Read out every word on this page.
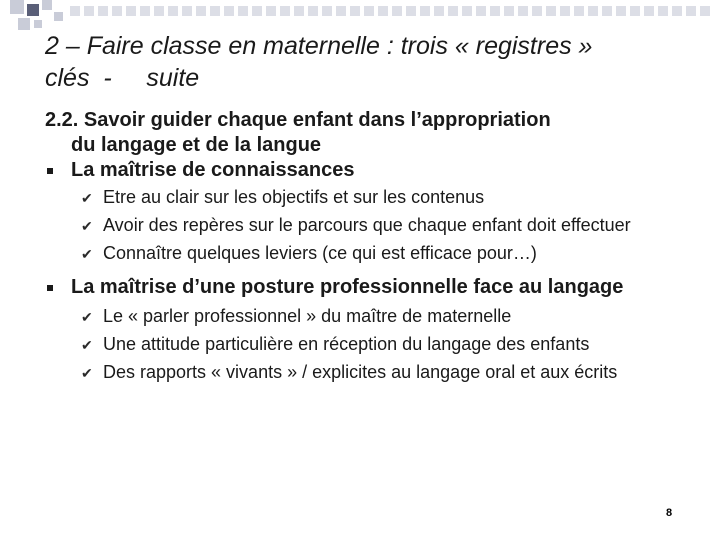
2 – Faire classe en maternelle : trois « registres »
clés  -     suite

2.2. Savoir guider chaque enfant dans l’appropriation
du langage et de la langue

La maîtrise de connaissances
✔ Etre au clair sur les objectifs et sur les contenus
✔ Avoir des repères sur le parcours que chaque enfant doit effectuer
✔ Connaître quelques leviers (ce qui est efficace pour…)
La maîtrise d’une posture professionnelle face au langage
✔ Le « parler professionnel » du maître de maternelle
✔ Une attitude particulière en réception du langage des enfants
✔ Des rapports « vivants » / explicites au langage oral et aux écrits
8
